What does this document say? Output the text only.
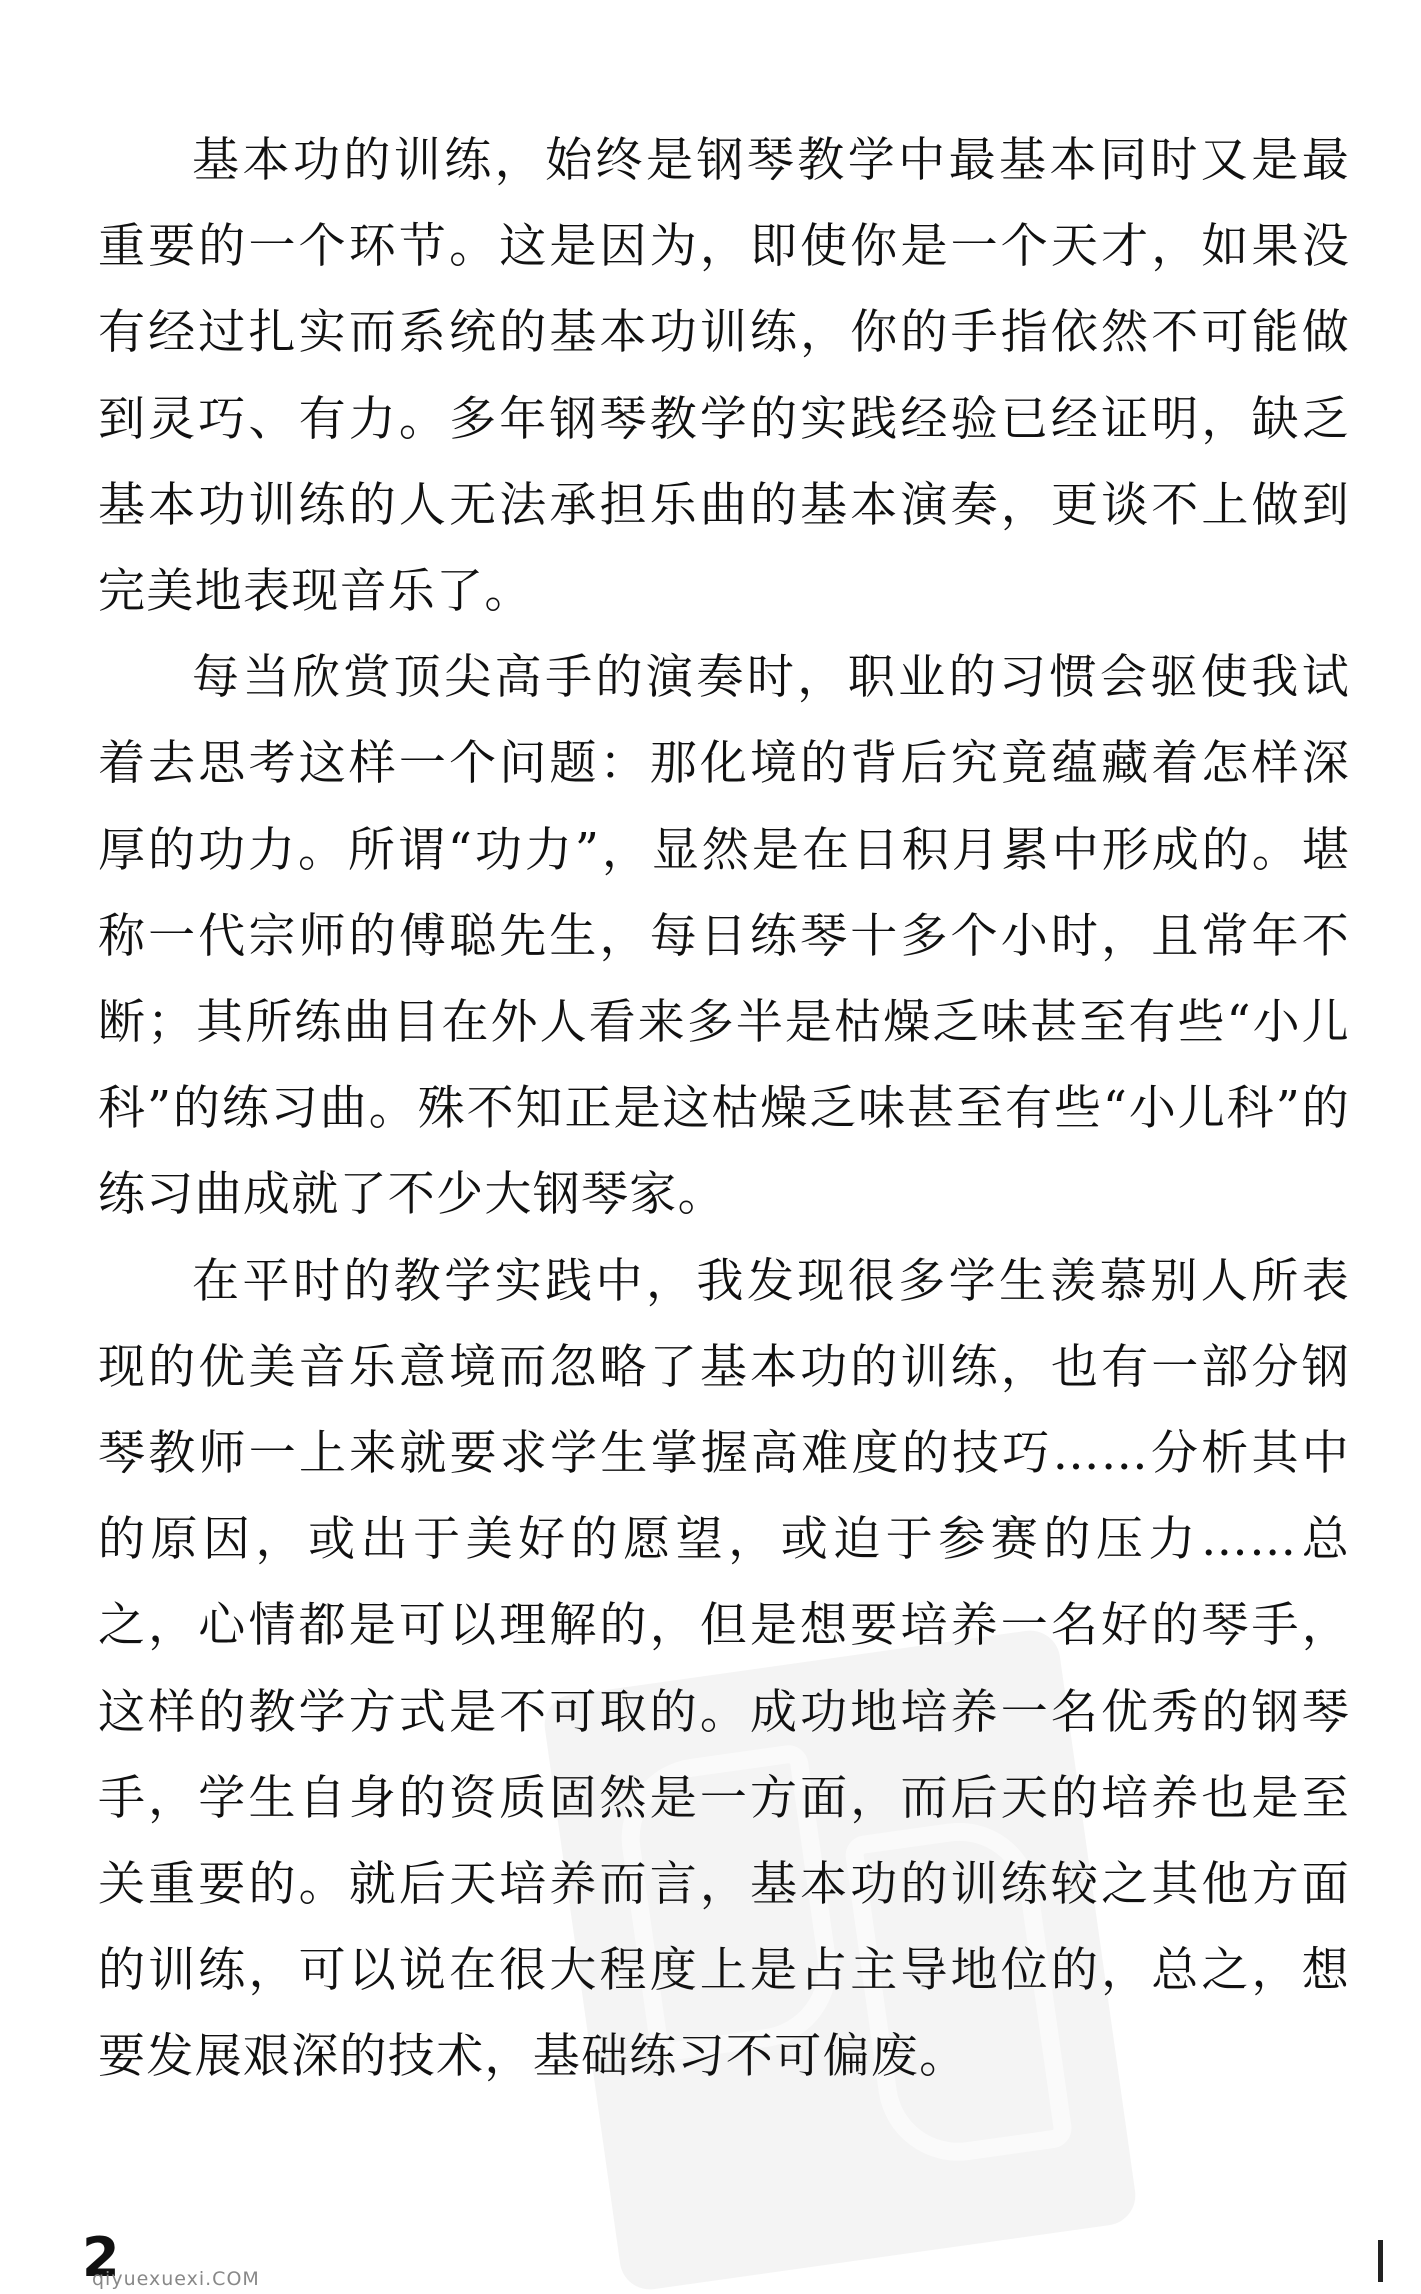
基本功的训练，始终是钢琴教学中最基本同时又是最重要的一个环节。这是因为，即使你是一个天才，如果没有经过扎实而系统的基本功训练，你的手指依然不可能做到灵巧、有力。多年钢琴教学的实践经验已经证明，缺乏基本功训练的人无法承担乐曲的基本演奏，更谈不上做到完美地表现音乐了。

每当欣赏顶尖高手的演奏时，职业的习惯会驱使我试着去思考这样一个问题：那化境的背后究竟蕴藏着怎样深厚的功力。所谓“功力”，显然是在日积月累中形成的。堪称一代宗师的傅聪先生，每日练琴十多个小时，且常年不断；其所练曲目在外人看来多半是枯燥乏味甚至有些“小儿科”的练习曲。殊不知正是这枯燥乏味甚至有些“小儿科”的练习曲成就了不少大钢琴家。

在平时的教学实践中，我发现很多学生羡慕别人所表现的优美音乐意境而忽略了基本功的训练，也有一部分钢琴教师一上来就要求学生掌握高难度的技巧……分析其中的原因，或出于美好的愿望，或迫于参赛的压力……总之，心情都是可以理解的，但是想要培养一名好的琴手，这样的教学方式是不可取的。成功地培养一名优秀的钢琴手，学生自身的资质固然是一方面，而后天的培养也是至关重要的。就后天培养而言，基本功的训练较之其他方面的训练，可以说在很大程度上是占主导地位的，总之，想要发展艰深的技术，基础练习不可偏废。

2
qiyuexuexi.COM
